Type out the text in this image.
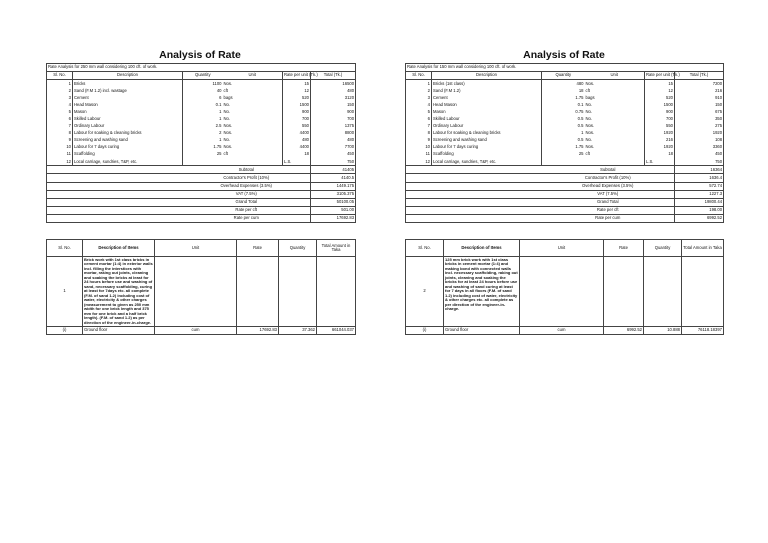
Analysis of Rate
Rate Analysis for 250 mm wall considering 100 cft. of work.					
Sl. No.	Description	Quantity	Unit	Rate per unit (Tk.)	Total (Tk.)
1	Bricks	1100	Nos.	15	16500
2	Sand (F.M 1.2) incl. wastage	40	cft	12	480
3	Cement	6	bags	520	3120
4	Head Mason	0.1	No.	1500	150
5	Mason	1	No.	900	900
6	Skilled Labour	1	No.	700	700
7	Ordinary Labour	2.5	Nos.	550	1375
8	Labour for soaking & cleaning bricks	2	Nos.	4400	8800
9	Screening and washing sand	1	No.	480	480
10	Labour for 7 days curing	1.75	Nos.	4400	7700
11	Scaffolding	25	cft	18	450
12	Local carriage, sundries, T&P, etc.			L.S.	750
		Subtotal			41405
		Contractor's Profit (10%)			4140.5
		Overhead Expenses (3.5%)			1449.175
		VAT (7.5%)			3105.375
		Grand Total			50100.05
		Rate per cft			501.00
		Rate per cum			17692.83
Sl. No.	Description of Items	Unit	Rate	Quantity	Total Amount in Taka
1	Brick work with 1st class bricks in cement mortar (1:4) in exterior walls incl. filling the interstices with mortar, raking out joints, cleaning and soaking the bricks at least for 24 hours before use and washing of sand, necessary scaffolding, curing at least for 7days etc. all complete (F.M. of sand 1.2) including cost of water, electricity & other charges (measurement to given as 250 mm width for one brick length and 375 mm for one brick and a half brick length). (F.M. of sand 1.2) as per direction of the engineer-in-charge.				
(i)	Ground floor	cum	17692.83	37.362	661044.037
Analysis of Rate
Rate Analysis for 150 mm wall considering 100 cft. of work.					
Sl. No.	Description	Quantity	Unit	Rate per unit (Tk.)	Total (Tk.)
1	Bricks (1st class)	480	Nos.	15	7200
2	Sand (F.M 1.2)	18	cft	12	216
3	Cement	1.75	bags	520	910
4	Head Mason	0.1	No.	1500	150
5	Mason	0.75	No.	900	675
6	Skilled Labour	0.5	No.	700	350
7	Ordinary Labour	0.5	Nos.	550	275
8	Labour for soaking & cleaning bricks	1	Nos.	1920	1920
9	Screening and washing sand	0.5	No.	216	108
10	Labour for 7 days curing	1.75	Nos.	1920	3360
11	Scaffolding	25	cft	18	450
12	Local carriage, sundries, T&P, etc.			L.S.	750
		Subtotal			16364
		Contractor's Profit (10%)			1636.4
		Overhead Expenses (3.5%)			572.74
		VAT (7.5%)			1227.3
		Grand Total			19800.44
		Rate per cft			198.00
		Rate per cum			6992.52
Sl. No.	Description of Items	Unit	Rate	Quantity	Total Amount in Taka
2	125 mm brick work with 1st class bricks in cement mortar (1:4) and making bond with connected walls incl. necessary scaffolding, raking out joints, cleaning and soaking the bricks for at least 24 hours before use and washing of sand curing at least for 7 days in all floors (F.M. of sand 1.2) including cost of water, electricity & other charges etc. all complete as per direction of the engineer-in-charge.				
(i)	Ground floor	cum	6992.52	10.888	76118.18397
